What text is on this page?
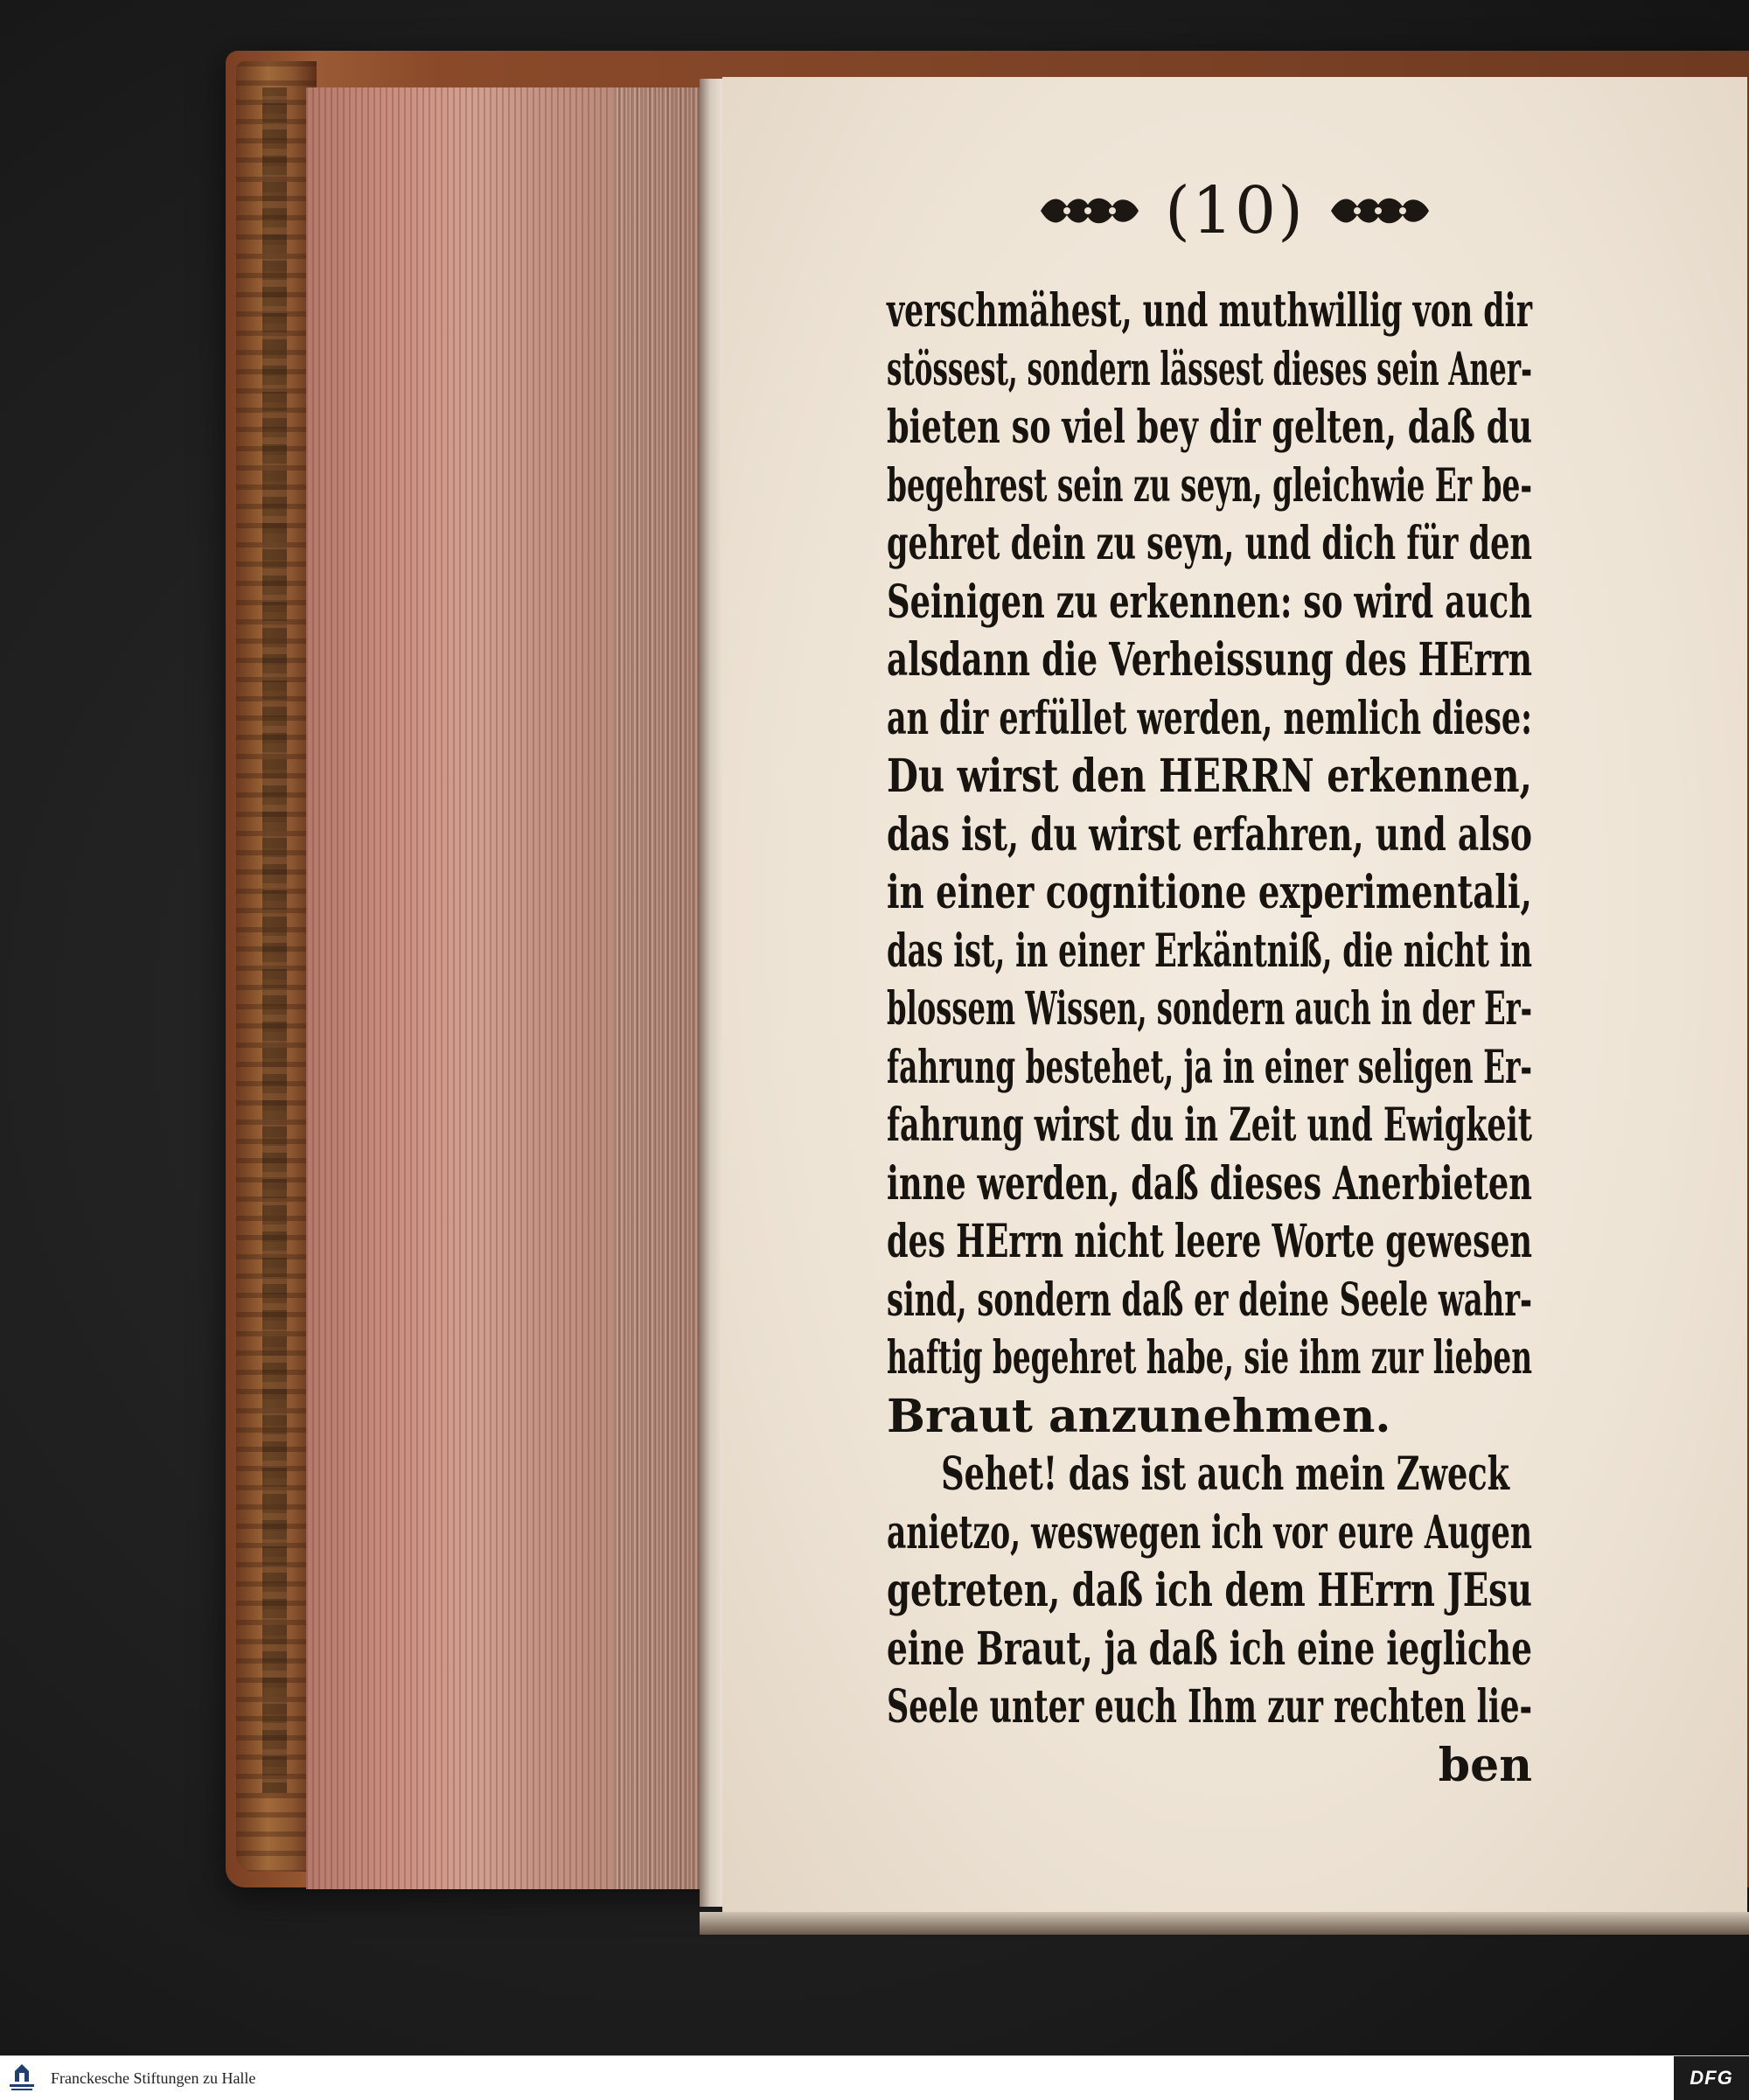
(10)
verschmähest, und muthwillig von dir
stössest, sondern lässest dieses sein Aner-
bieten so viel bey dir gelten, daß du
begehrest sein zu seyn, gleichwie Er be-
gehret dein zu seyn, und dich für den
Seinigen zu erkennen: so wird auch
alsdann die Verheissung des HErrn
an dir erfüllet werden, nemlich diese:
Du wirst den HERRN erkennen,
das ist, du wirst erfahren, und also
in einer cognitione experimentali,
das ist, in einer Erkäntniß, die nicht in
blossem Wissen, sondern auch in der Er-
fahrung bestehet, ja in einer seligen Er-
fahrung wirst du in Zeit und Ewigkeit
inne werden, daß dieses Anerbieten
des HErrn nicht leere Worte gewesen
sind, sondern daß er deine Seele wahr-
haftig begehret habe, sie ihm zur lieben
Braut anzunehmen.
Sehet! das ist auch mein Zweck
anietzo, weswegen ich vor eure Augen
getreten, daß ich dem HErrn JEsu
eine Braut, ja daß ich eine iegliche
Seele unter euch Ihm zur rechten lie-
ben
Franckesche Stiftungen zu Halle	DFG
